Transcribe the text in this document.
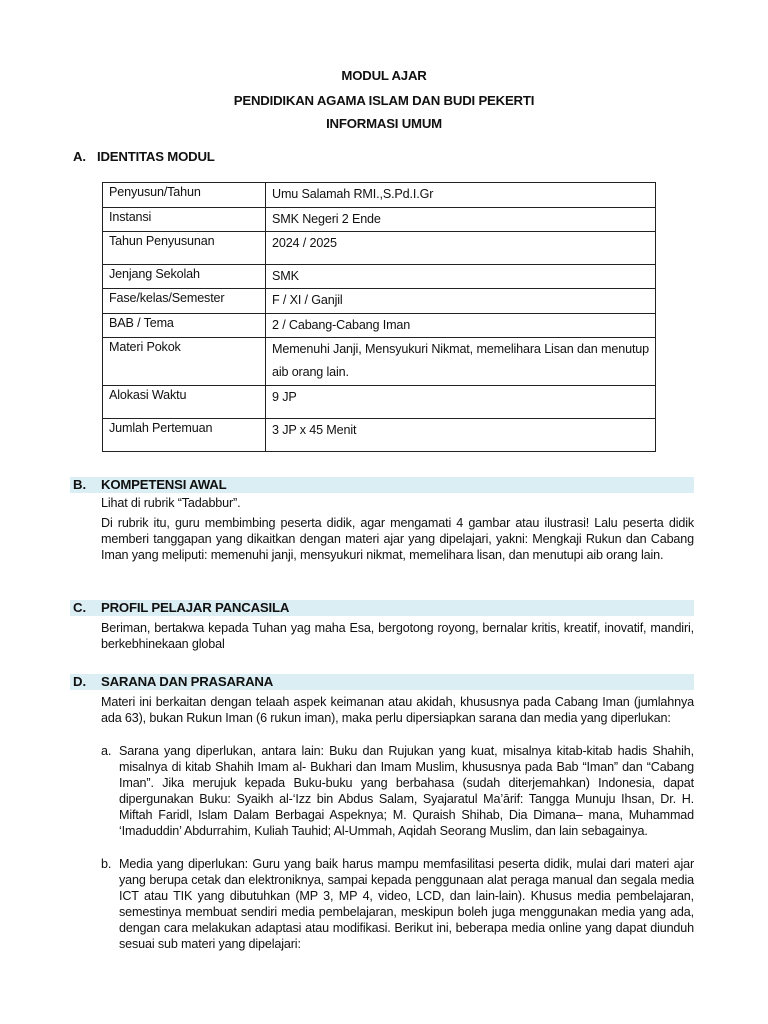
MODUL AJAR
PENDIDIKAN AGAMA ISLAM DAN BUDI PEKERTI
INFORMASI UMUM
A. IDENTITAS MODUL
Penyusun/Tahun	Umu Salamah RMI.,S.Pd.I.Gr
Instansi	SMK Negeri 2 Ende
Tahun Penyusunan	2024 / 2025
Jenjang Sekolah	SMK
Fase/kelas/Semester	F / XI / Ganjil
BAB / Tema	2 / Cabang-Cabang Iman
Materi Pokok	Memenuhi Janji, Mensyukuri Nikmat, memelihara Lisan dan menutup aib orang lain.
Alokasi Waktu	9 JP
Jumlah Pertemuan	3 JP x 45 Menit
B. KOMPETENSI AWAL
Lihat di rubrik “Tadabbur”.
Di rubrik itu, guru membimbing peserta didik, agar mengamati 4 gambar atau ilustrasi! Lalu peserta didik memberi tanggapan yang dikaitkan dengan materi ajar yang dipelajari, yakni: Mengkaji Rukun dan Cabang Iman yang meliputi: memenuhi janji, mensyukuri nikmat, memelihara lisan, dan menutupi aib orang lain.
C. PROFIL PELAJAR PANCASILA
Beriman, bertakwa kepada Tuhan yag maha Esa, bergotong royong, bernalar kritis, kreatif, inovatif, mandiri, berkebhinekaan global
D. SARANA DAN PRASARANA
Materi ini berkaitan dengan telaah aspek keimanan atau akidah, khususnya pada Cabang Iman (jumlahnya ada 63), bukan Rukun Iman (6 rukun iman), maka perlu dipersiapkan sarana dan media yang diperlukan:
a. Sarana yang diperlukan, antara lain: Buku dan Rujukan yang kuat, misalnya kitab-kitab hadis Shahih, misalnya di kitab Shahih Imam al- Bukhari dan Imam Muslim, khususnya pada Bab “Iman” dan “Cabang Iman”. Jika merujuk kepada Buku-buku yang berbahasa (sudah diterjemahkan) Indonesia, dapat dipergunakan Buku: Syaikh al-‘Izz bin Abdus Salam, Syajaratul Ma’ārif: Tangga Munuju Ihsan, Dr. H. Miftah Faridl, Islam Dalam Berbagai Aspeknya; M. Quraish Shihab, Dia Dimana– mana, Muhammad ‘Imaduddin’ Abdurrahim, Kuliah Tauhid; Al-Ummah, Aqidah Seorang Muslim, dan lain sebagainya.
b. Media yang diperlukan: Guru yang baik harus mampu memfasilitasi peserta didik, mulai dari materi ajar yang berupa cetak dan elektroniknya, sampai kepada penggunaan alat peraga manual dan segala media ICT atau TIK yang dibutuhkan (MP 3, MP 4, video, LCD, dan lain-lain). Khusus media pembelajaran, semestinya membuat sendiri media pembelajaran, meskipun boleh juga menggunakan media yang ada, dengan cara melakukan adaptasi atau modifikasi. Berikut ini, beberapa media online yang dapat diunduh sesuai sub materi yang dipelajari:
